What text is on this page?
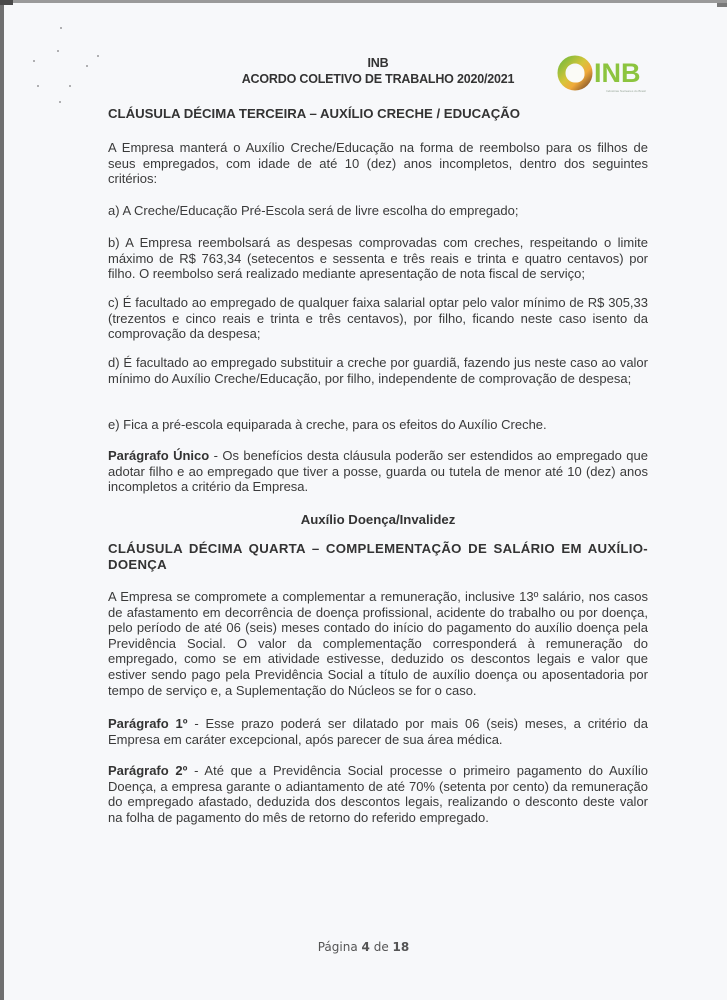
INB
ACORDO COLETIVO DE TRABALHO 2020/2021	INB
Indústrias Nucleares do Brasil
CLÁUSULA DÉCIMA TERCEIRA – AUXÍLIO CRECHE / EDUCAÇÃO
A Empresa manterá o Auxílio Creche/Educação na forma de reembolso para os filhos de seus empregados, com idade de até 10 (dez) anos incompletos, dentro dos seguintes critérios:
a) A Creche/Educação Pré-Escola será de livre escolha do empregado;
b) A Empresa reembolsará as despesas comprovadas com creches, respeitando o limite máximo de R$ 763,34 (setecentos e sessenta e três reais e trinta e quatro centavos) por filho. O reembolso será realizado mediante apresentação de nota fiscal de serviço;
c) É facultado ao empregado de qualquer faixa salarial optar pelo valor mínimo de R$ 305,33 (trezentos e cinco reais e trinta e três centavos), por filho, ficando neste caso isento da comprovação da despesa;
d) É facultado ao empregado substituir a creche por guardiã, fazendo jus neste caso ao valor mínimo do Auxílio Creche/Educação, por filho, independente de comprovação de despesa;
e) Fica a pré-escola equiparada à creche, para os efeitos do Auxílio Creche.
Parágrafo Único - Os benefícios desta cláusula poderão ser estendidos ao empregado que adotar filho e ao empregado que tiver a posse, guarda ou tutela de menor até 10 (dez) anos incompletos a critério da Empresa.
Auxílio Doença/Invalidez
CLÁUSULA DÉCIMA QUARTA – COMPLEMENTAÇÃO DE SALÁRIO EM AUXÍLIO-DOENÇA
A Empresa se compromete a complementar a remuneração, inclusive 13º salário, nos casos de afastamento em decorrência de doença profissional, acidente do trabalho ou por doença, pelo período de até 06 (seis) meses contado do início do pagamento do auxílio doença pela Previdência Social. O valor da complementação corresponderá à remuneração do empregado, como se em atividade estivesse, deduzido os descontos legais e valor que estiver sendo pago pela Previdência Social a título de auxílio doença ou aposentadoria por tempo de serviço e, a Suplementação do Núcleos se for o caso.
Parágrafo 1º - Esse prazo poderá ser dilatado por mais 06 (seis) meses, a critério da Empresa em caráter excepcional, após parecer de sua área médica.
Parágrafo 2º - Até que a Previdência Social processe o primeiro pagamento do Auxílio Doença, a empresa garante o adiantamento de até 70% (setenta por cento) da remuneração do empregado afastado, deduzida dos descontos legais, realizando o desconto deste valor na folha de pagamento do mês de retorno do referido empregado.
Página 4 de 18
